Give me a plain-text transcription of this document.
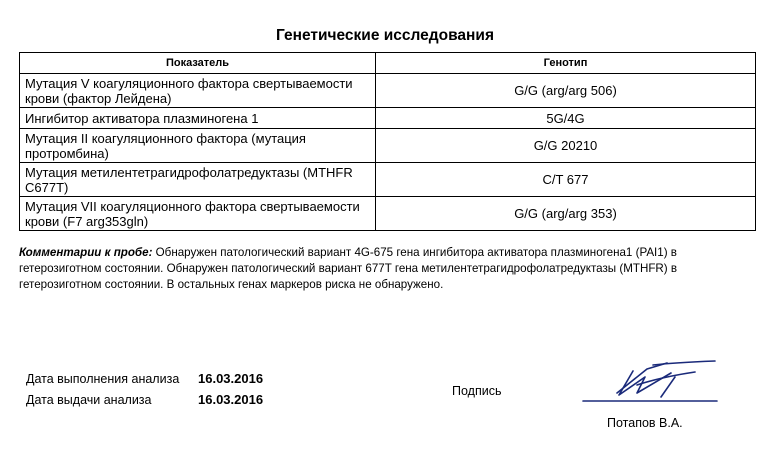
Генетические исследования
Показатель	Генотип
Мутация V коагуляционного фактора свертываемости крови (фактор Лейдена)	G/G (arg/arg 506)
Ингибитор активатора плазминогена 1	5G/4G
Мутация II коагуляционного фактора (мутация протромбина)	G/G 20210
Мутация метилентетрагидрофолатредуктазы (MTHFR C677T)	C/T 677
Мутация VII коагуляционного фактора свертываемости крови (F7 arg353gln)	G/G (arg/arg 353)
Комментарии к пробе: Обнаружен патологический вариант 4G-675 гена ингибитора активатора плазминогена1 (PAI1) в гетерозиготном состоянии. Обнаружен патологический вариант 677T гена метилентетрагидрофолатредуктазы (MTHFR) в гетерозиготном состоянии. В остальных генах маркеров риска не обнаружено.
Дата выполнения анализа	16.03.2016
Дата выдачи анализа	16.03.2016
Подпись
Потапов В.А.
